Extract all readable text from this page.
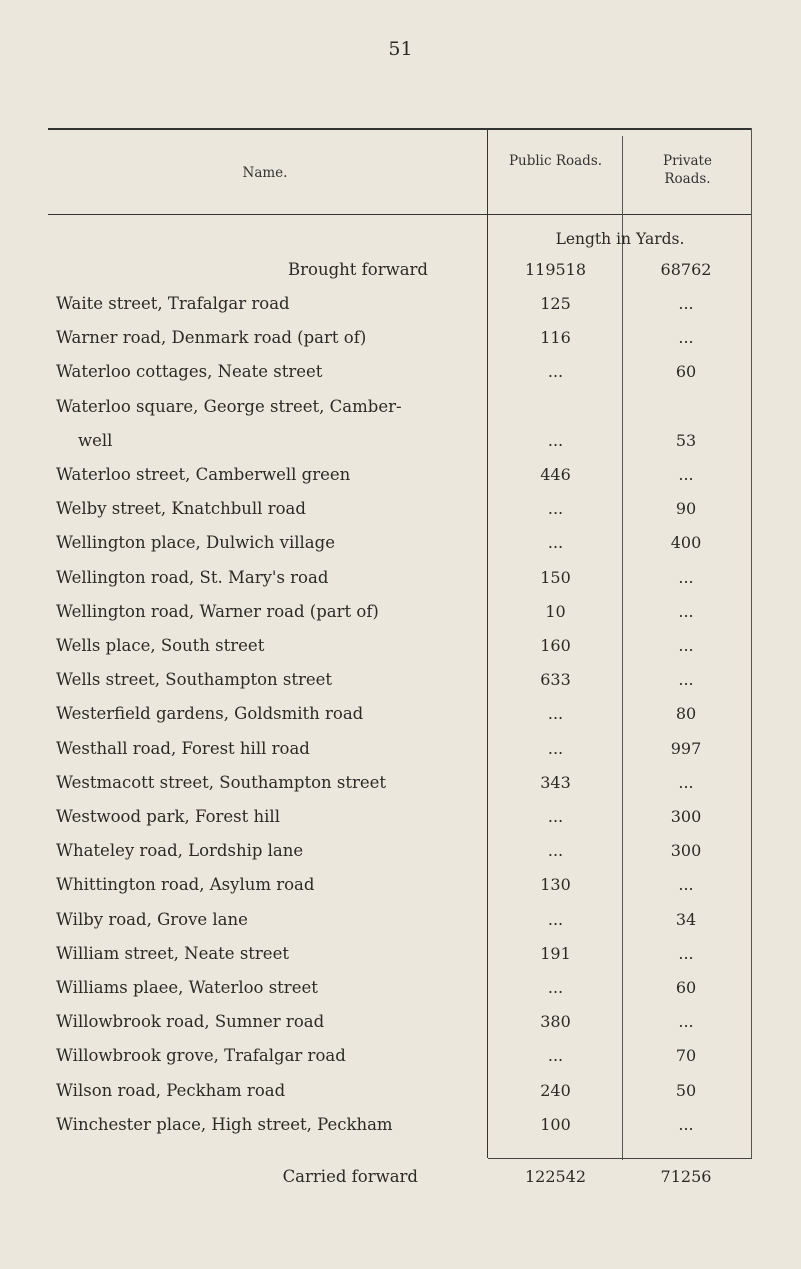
51
Name.
Public Roads.	Private Roads.
Length in Yards.
Brought forward	119518	68762
Waite street, Trafalgar road	125	...
Warner road, Denmark road (part of)	116	...
Waterloo cottages, Neate street	...	60
Waterloo square, George street, Camber-
well	...	53
Waterloo street, Camberwell green	446	...
Welby street, Knatchbull road	...	90
Wellington place, Dulwich village	...	400
Wellington road, St. Mary's road	150	...
Wellington road, Warner road (part of)	10	...
Wells place, South street	160	...
Wells street, Southampton street	633	...
Westerfield gardens, Goldsmith road	...	80
Westhall road, Forest hill road	...	997
Westmacott street, Southampton street	343	...
Westwood park, Forest hill	...	300
Whateley road, Lordship lane	...	300
Whittington road, Asylum road	130	...
Wilby road, Grove lane	...	34
William street, Neate street	191	...
Williams plaee, Waterloo street	...	60
Willowbrook road, Sumner road	380	...
Willowbrook grove, Trafalgar road	...	70
Wilson road, Peckham road	240	50
Winchester place, High street, Peckham	100	...
Carried forward	122542	71256
